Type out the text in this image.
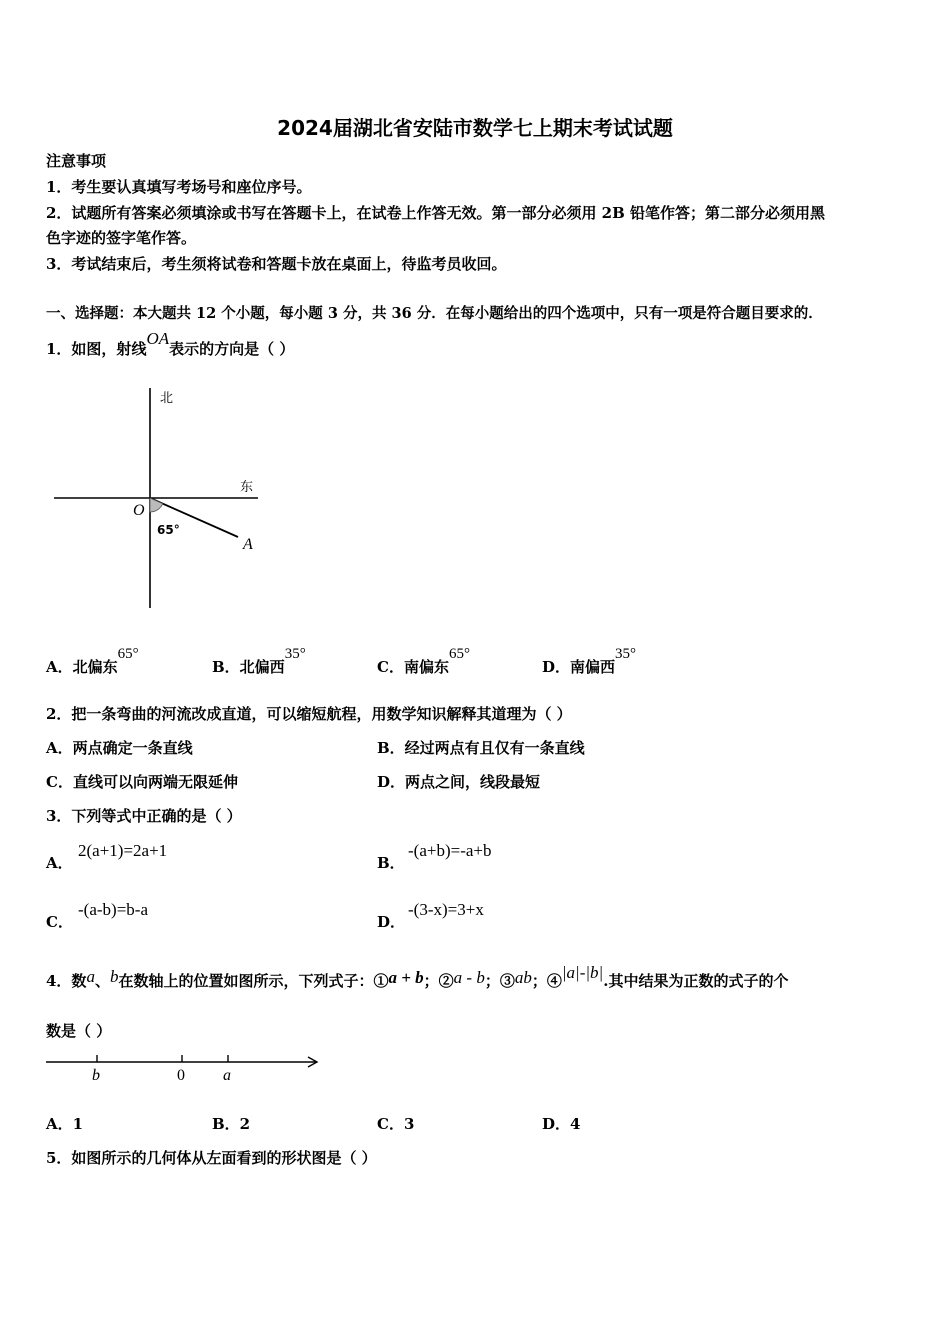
2024届湖北省安陆市数学七上期末考试试题
注意事项
1．考生要认真填写考场号和座位序号。
2．试题所有答案必须填涂或书写在答题卡上，在试卷上作答无效。第一部分必须用 2B 铅笔作答；第二部分必须用黑
色字迹的签字笔作答。
3．考试结束后，考生须将试卷和答题卡放在桌面上，待监考员收回。
一、选择题：本大题共 12 个小题，每小题 3 分，共 36 分．在每小题给出的四个选项中，只有一项是符合题目要求的．
1．如图，射线OA表示的方向是（ ）
北
东
O
65°
A
A．北偏东65°
B．北偏西35°
C．南偏东65°
D．南偏西35°
2．把一条弯曲的河流改成直道，可以缩短航程，用数学知识解释其道理为（ ）
A．两点确定一条直线	B．经过两点有且仅有一条直线
C．直线可以向两端无限延伸	D．两点之间，线段最短
3．下列等式中正确的是（ ）
A．
2(a+1)=2a+1
B．
-(a+b)=-a+b
C．
-(a-b)=b-a
D．
-(3-x)=3+x
4．数a、b在数轴上的位置如图所示，下列式子：①a + b；②a - b；③ab；④|a|-|b|.其中结果为正数的式子的个
数是（ ）
b	0 a
A．1	B．2	C．3	D．4
5．如图所示的几何体从左面看到的形状图是（ ）
